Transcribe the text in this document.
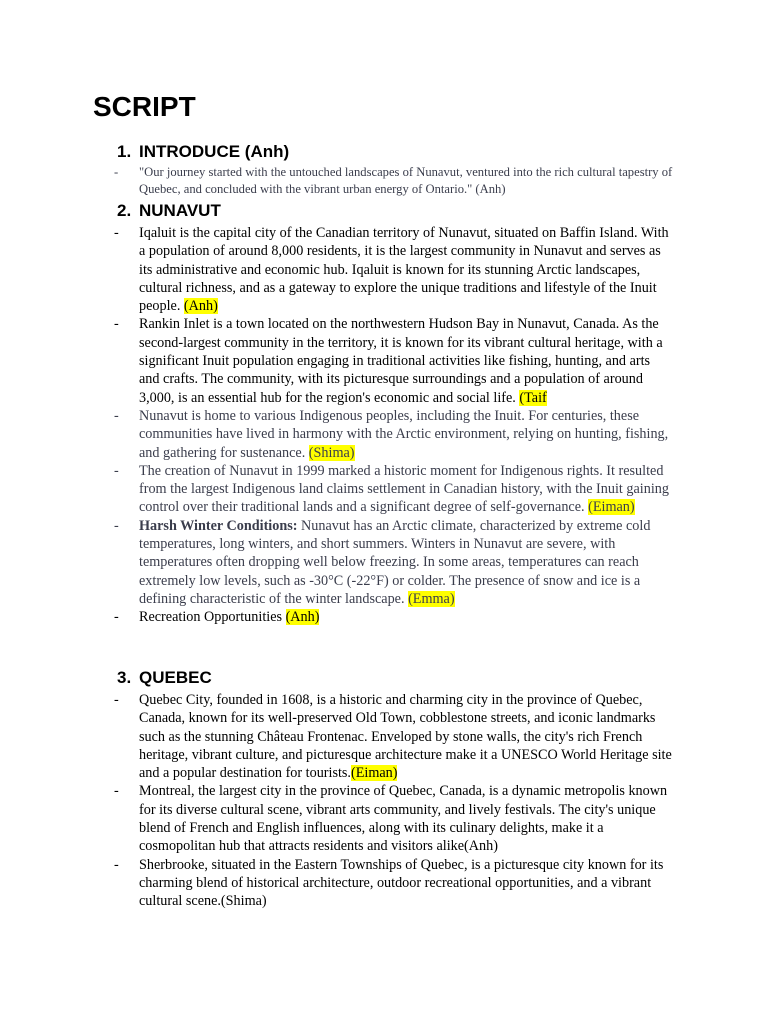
SCRIPT
1. INTRODUCE (Anh)
- "Our journey started with the untouched landscapes of Nunavut, ventured into the rich cultural tapestry of Quebec, and concluded with the vibrant urban energy of Ontario." (Anh)
2. NUNAVUT
- Iqaluit is the capital city of the Canadian territory of Nunavut, situated on Baffin Island. With a population of around 8,000 residents, it is the largest community in Nunavut and serves as its administrative and economic hub. Iqaluit is known for its stunning Arctic landscapes, cultural richness, and as a gateway to explore the unique traditions and lifestyle of the Inuit people. (Anh)
- Rankin Inlet is a town located on the northwestern Hudson Bay in Nunavut, Canada. As the second-largest community in the territory, it is known for its vibrant cultural heritage, with a significant Inuit population engaging in traditional activities like fishing, hunting, and arts and crafts. The community, with its picturesque surroundings and a population of around 3,000, is an essential hub for the region's economic and social life. (Taif
- Nunavut is home to various Indigenous peoples, including the Inuit. For centuries, these communities have lived in harmony with the Arctic environment, relying on hunting, fishing, and gathering for sustenance. (Shima)
- The creation of Nunavut in 1999 marked a historic moment for Indigenous rights. It resulted from the largest Indigenous land claims settlement in Canadian history, with the Inuit gaining control over their traditional lands and a significant degree of self-governance. (Eiman)
- Harsh Winter Conditions: Nunavut has an Arctic climate, characterized by extreme cold temperatures, long winters, and short summers. Winters in Nunavut are severe, with temperatures often dropping well below freezing. In some areas, temperatures can reach extremely low levels, such as -30°C (-22°F) or colder. The presence of snow and ice is a defining characteristic of the winter landscape. (Emma)
- Recreation Opportunities (Anh)
3. QUEBEC
- Quebec City, founded in 1608, is a historic and charming city in the province of Quebec, Canada, known for its well-preserved Old Town, cobblestone streets, and iconic landmarks such as the stunning Château Frontenac. Enveloped by stone walls, the city's rich French heritage, vibrant culture, and picturesque architecture make it a UNESCO World Heritage site and a popular destination for tourists.(Eiman)
- Montreal, the largest city in the province of Quebec, Canada, is a dynamic metropolis known for its diverse cultural scene, vibrant arts community, and lively festivals. The city's unique blend of French and English influences, along with its culinary delights, make it a cosmopolitan hub that attracts residents and visitors alike(Anh)
- Sherbrooke, situated in the Eastern Townships of Quebec, is a picturesque city known for its charming blend of historical architecture, outdoor recreational opportunities, and a vibrant cultural scene.(Shima)
